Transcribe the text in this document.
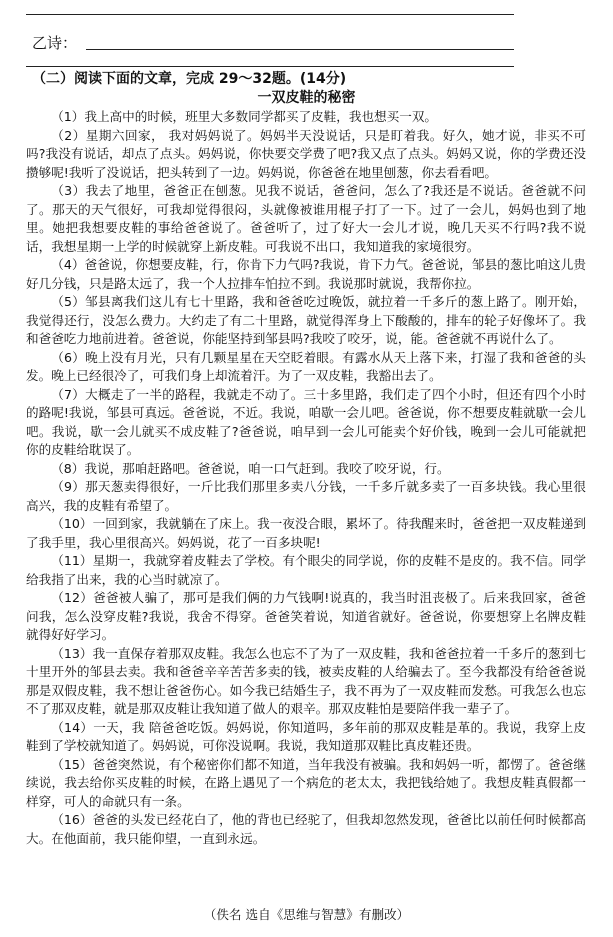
乙诗：
（二）阅读下面的文章，完成 29～32题。(14分)
一双皮鞋的秘密

（1）我上高中的时候，班里大多数同学都买了皮鞋，我也想买一双。

（2）星期六回家， 我对妈妈说了。妈妈半天没说话，只是盯着我。好久，她才说，非买不可吗?我没有说话，却点了点头。妈妈说，你快要交学费了吧?我又点了点头。妈妈又说，你的学费还没攒够呢!我听了没说话，把头转到了一边。妈妈说，你爸爸在地里刨葱，你去看看吧。

（3）我去了地里，爸爸正在刨葱。见我不说话，爸爸问，怎么了?我还是不说话。爸爸就不问了。那天的天气很好，可我却觉得很闷，头就像被谁用棍子打了一下。过了一会儿，妈妈也到了地里。她把我想要皮鞋的事给爸爸说了。爸爸听了，过了好大一会儿才说，晚几天买不行吗?我不说话，我想星期一上学的时候就穿上新皮鞋。可我说不出口，我知道我的家境很穷。

（4）爸爸说，你想要皮鞋，行，你肯下力气吗?我说，肯下力气。爸爸说，邹县的葱比咱这儿贵好几分钱，只是路太远了，我一个人拉排车怕拉不到。我说那时就说，我帮你拉。

（5）邹县离我们这儿有七十里路，我和爸爸吃过晚饭，就拉着一千多斤的葱上路了。刚开始，我觉得还行，没怎么费力。大约走了有二十里路，就觉得浑身上下酸酸的，排车的轮子好像坏了。我和爸爸吃力地前进着。爸爸说，你能坚持到邹县吗?我咬了咬牙，说，能。爸爸就不再说什么了。

（6）晚上没有月光，只有几颗星星在天空眨着眼。有露水从天上落下来，打湿了我和爸爸的头发。晚上已经很冷了，可我们身上却流着汗。为了一双皮鞋，我豁出去了。

（7）大概走了一半的路程，我就走不动了。三十多里路，我们走了四个小时，但还有四个小时的路呢!我说，邹县可真远。爸爸说，不近。我说，咱歇一会儿吧。爸爸说，你不想要皮鞋就歇一会儿吧。我说，歇一会儿就买不成皮鞋了?爸爸说，咱早到一会儿可能卖个好价钱，晚到一会儿可能就把你的皮鞋给耽误了。

（8）我说，那咱赶路吧。爸爸说，咱一口气赶到。我咬了咬牙说，行。

（9）那天葱卖得很好，一斤比我们那里多卖八分钱，一千多斤就多卖了一百多块钱。我心里很高兴，我的皮鞋有希望了。

（10）一回到家，我就躺在了床上。我一夜没合眼，累坏了。待我醒来时，爸爸把一双皮鞋递到了我手里，我心里很高兴。妈妈说，花了一百多块呢!

（11）星期一，我就穿着皮鞋去了学校。有个眼尖的同学说，你的皮鞋不是皮的。我不信。同学给我指了出来，我的心当时就凉了。

（12）爸爸被人骗了，那可是我们俩的力气钱啊!说真的，我当时沮丧极了。后来我回家，爸爸问我，怎么没穿皮鞋?我说，我舍不得穿。爸爸笑着说，知道省就好。爸爸说，你要想穿上名牌皮鞋就得好好学习。

（13）我一直保存着那双皮鞋。我怎么也忘不了为了一双皮鞋，我和爸爸拉着一千多斤的葱到七十里开外的邹县去卖。我和爸爸辛辛苦苦多卖的钱，被卖皮鞋的人给骗去了。至今我都没有给爸爸说那是双假皮鞋，我不想让爸爸伤心。如今我已结婚生子，我不再为了一双皮鞋而发愁。可我怎么也忘不了那双皮鞋，就是那双皮鞋让我知道了做人的艰辛。那双皮鞋怕是要陪伴我一辈子了。

（14）一天，我 陪爸爸吃饭。妈妈说，你知道吗，多年前的那双皮鞋是革的。我说，我穿上皮鞋到了学校就知道了。妈妈说，可你没说啊。我说，我知道那双鞋比真皮鞋还贵。

（15）爸爸突然说，有个秘密你们都不知道，当年我没有被骗。我和妈妈一听，都愣了。爸爸继续说，我去给你买皮鞋的时候，在路上遇见了一个病危的老太太，我把钱给她了。我想皮鞋真假都一样穿，可人的命就只有一条。

（16）爸爸的头发已经花白了，他的背也已经驼了，但我却忽然发现，爸爸比以前任何时候都高大。在他面前，我只能仰望，一直到永远。

（佚名 选自《思维与智慧》有删改）
